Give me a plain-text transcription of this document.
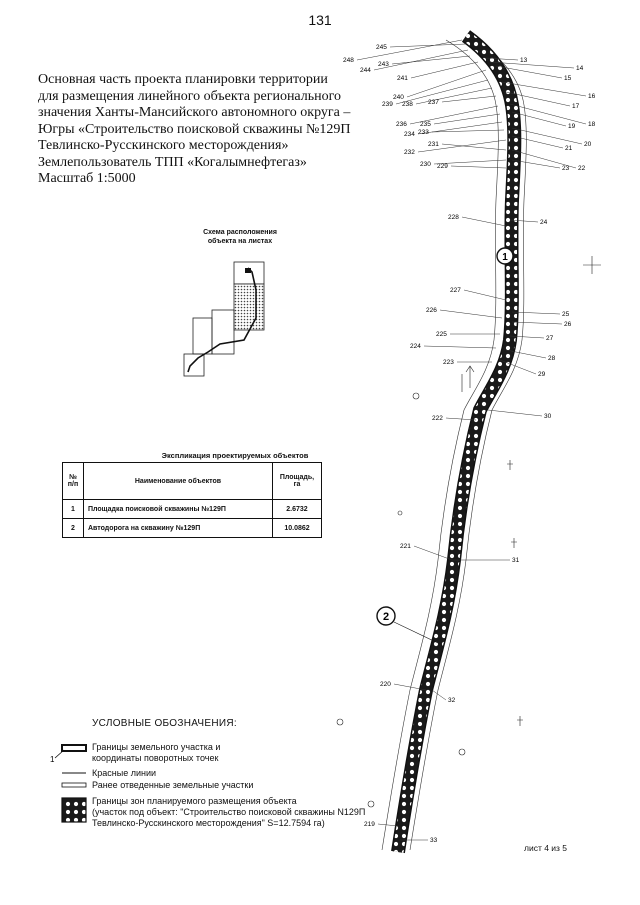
131
Основная часть проекта планировки территории
для размещения линейного объекта регионального
значения Ханты-Мансийского автономного округа –
Югры «Строительство поисковой скважины №129П
Тевлинско-Русскинского месторождения»
Землепользователь ТПП «Когалымнефтегаз»
Масштаб 1:5000
Схема расположения объекта на листах
1
2
13
14
15
16
17
18
19
20
21
22
23
24
25
26
27
28
29
30
31
32
33
248
245
244
243
241
240
239 238 237
236 235
234 233
232
231
230 229
228
227
226
225
224
223
222
221
220
219
1
Экспликация проектируемых объектов
№ п/п	Наименование объектов	Площадь, га
1	Площадка поисковой скважины №129П	2.6732
2	Автодорога на скважину №129П	10.0862
УСЛОВНЫЕ ОБОЗНАЧЕНИЯ:
Границы земельного участка и
координаты поворотных точек
Красные линии
Ранее отведенные земельные участки
Границы зон планируемого размещения объекта
(участок под объект: "Строительство поисковой скважины N129П
Тевлинско-Русскинского месторождения" S=12.7594 га)
лист 4 из 5
